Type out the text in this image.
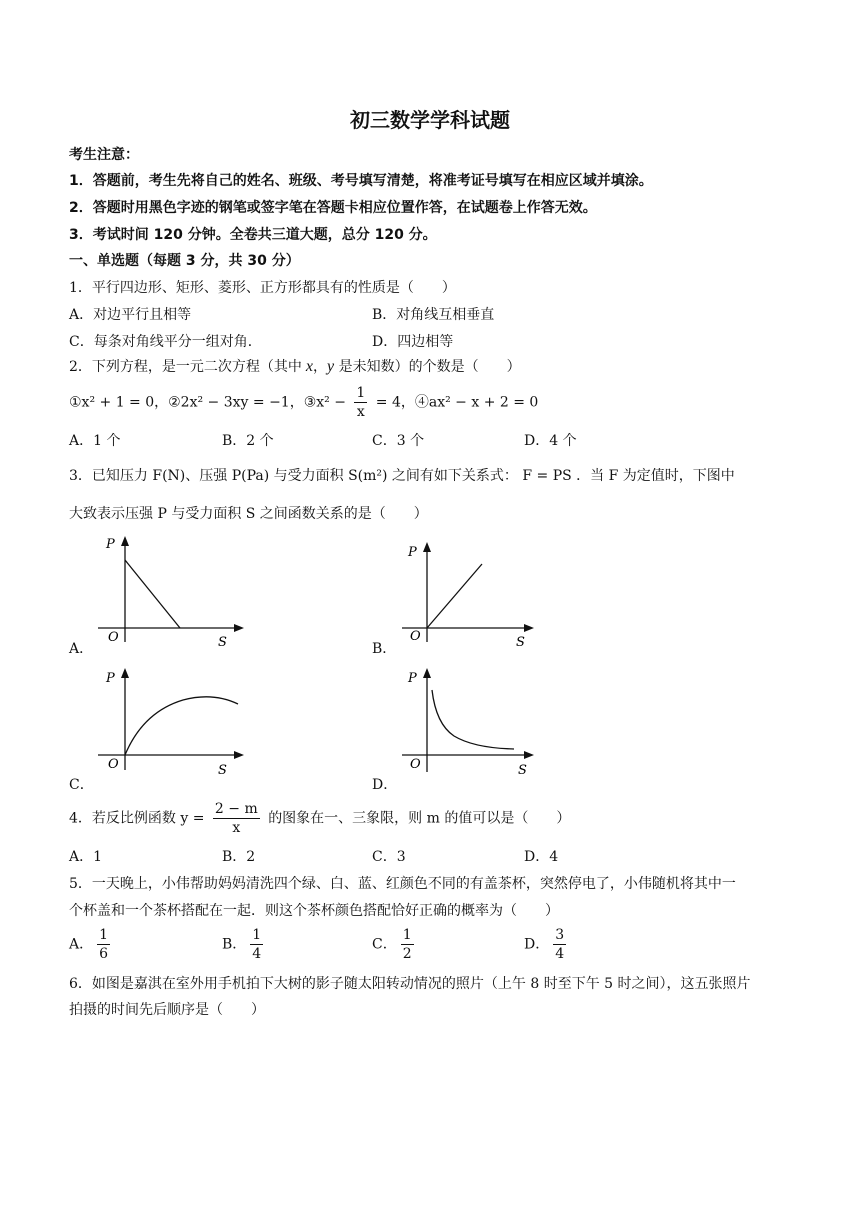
初三数学学科试题
考生注意：
1．答题前，考生先将自己的姓名、班级、考号填写清楚，将准考证号填写在相应区域并填涂。
2．答题时用黑色字迹的钢笔或签字笔在答题卡相应位置作答，在试题卷上作答无效。
3．考试时间 120 分钟。全卷共三道大题，总分 120 分。
一、单选题（每题 3 分，共 30 分）
1．平行四边形、矩形、菱形、正方形都具有的性质是（　　）
A．对边平行且相等	B．对角线互相垂直
C．每条对角线平分一组对角．	D．四边相等
2．下列方程，是一元二次方程（其中 x，y 是未知数）的个数是（　　）
①x² + 1 = 0，②2x² − 3xy = −1，③x² − $\frac{1}{x} = 4$，④ax² − x + 2 = 0
A．1 个	B．2 个	C．3 个	D．4 个
3．已知压力 F(N)、压强 P(Pa) 与受力面积 S(m²) 之间有如下关系式： F = PS ．当 F 为定值时，下图中
大致表示压强 P 与受力面积 S 之间函数关系的是（　　）
A．
P
S
O
B．
P
S
O
C．
P
S
O
D．
P
S
O
4．若反比例函数 $y = \frac{2 - m}{x}$ 的图象在一、三象限，则 m 的值可以是（　　）
A．1	B．2	C．3	D．4
5．一天晚上，小伟帮助妈妈清洗四个绿、白、蓝、红颜色不同的有盖茶杯，突然停电了，小伟随机将其中一
个杯盖和一个茶杯搭配在一起．则这个茶杯颜色搭配恰好正确的概率为（　　）
A． $\frac{1}{6}$	B． $\frac{1}{4}$	C． $\frac{1}{2}$	D． $\frac{3}{4}$
6．如图是嘉淇在室外用手机拍下大树的影子随太阳转动情况的照片（上午 8 时至下午 5 时之间），这五张照片
拍摄的时间先后顺序是（　　）
